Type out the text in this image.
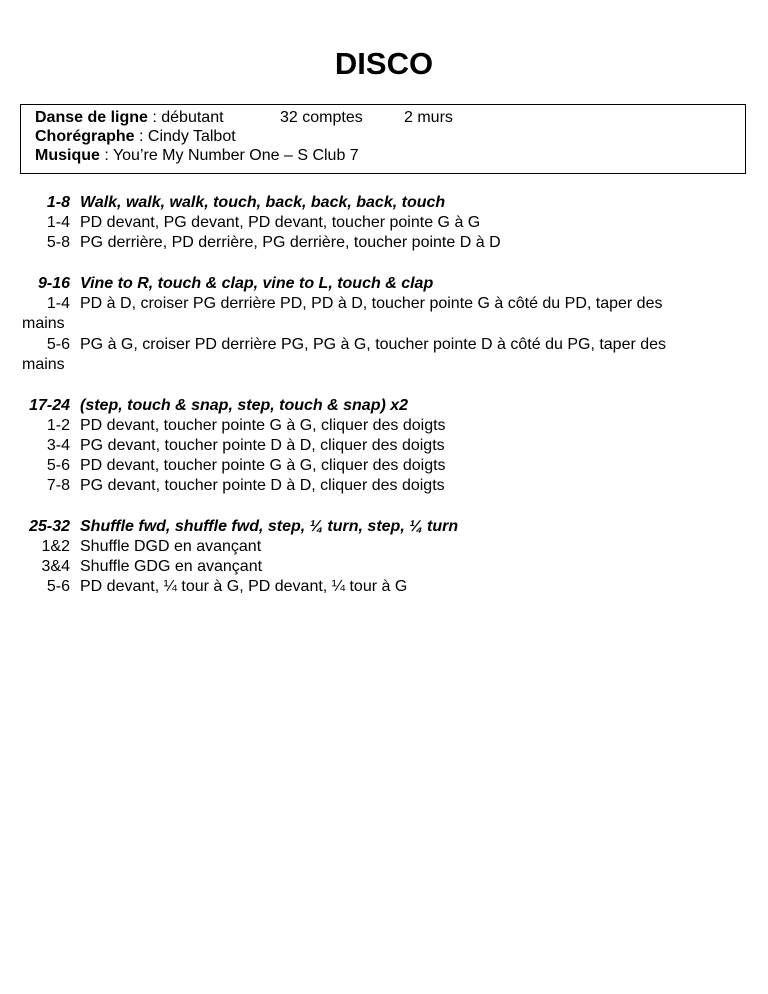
DISCO
Danse de ligne : débutant	32 comptes	2 murs
Chorégraphe : Cindy Talbot
Musique : You’re My Number One – S Club 7
1-8 Walk, walk, walk, touch, back, back, back, touch
1-4 PD devant, PG devant, PD devant, toucher pointe G à G
5-8 PG derrière, PD derrière, PG derrière, toucher pointe D à D
9-16 Vine to R, touch & clap, vine to L, touch & clap
1-4 PD à D, croiser PG derrière PD, PD à D, toucher pointe G à côté du PD, taper des
mains
5-6 PG à G, croiser PD derrière PG, PG à G, toucher pointe D à côté du PG, taper des
mains
17-24 (step, touch & snap, step, touch & snap) x2
1-2 PD devant, toucher pointe G à G, cliquer des doigts
3-4 PG devant, toucher pointe D à D, cliquer des doigts
5-6 PD devant, toucher pointe G à G, cliquer des doigts
7-8 PG devant, toucher pointe D à D, cliquer des doigts
25-32 Shuffle fwd, shuffle fwd, step, ¼ turn, step, ¼ turn
1&2 Shuffle DGD en avançant
3&4 Shuffle GDG en avançant
5-6 PD devant, ¼ tour à G, PD devant, ¼ tour à G
